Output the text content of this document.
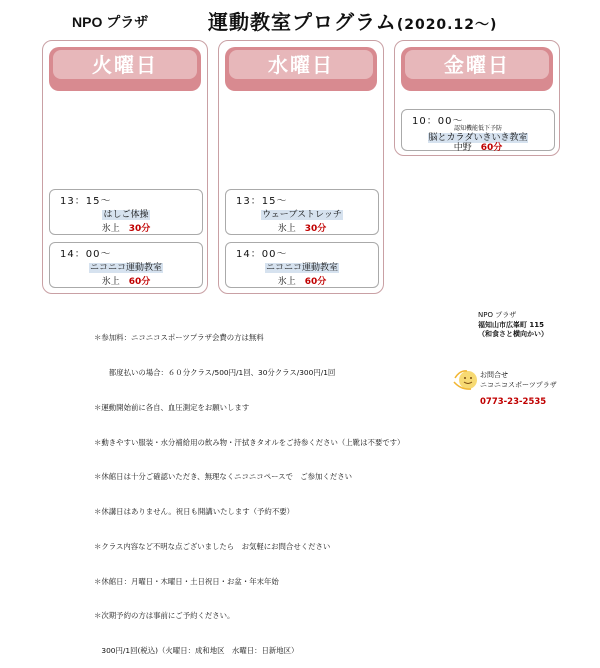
NPO プラザ	運動教室プログラム(2020.12～)
火曜日
13：15～
はしご体操
氷上　 30分
14：00～
ニコニコ運動教室
氷上　 60分
水曜日
13：15～
ウェーブストレッチ
氷上　 30分
14：00～
ニコニコ運動教室
氷上　 60分
金曜日
10：00～
認知機能低下予防
脳とカラダいきいき教室
中野　 60分

＊参加料：ニコニコスポーツプラザ会費の方は無料

　　都度払いの場合：６０分クラス/500円/1回、30分クラス/300円/1回

＊運動開始前に各自、血圧測定をお願いします

＊動きやすい服装・水分補給用の飲み物・汗拭きタオルをご持参ください（上靴は不要です）

＊休館日は十分ご確認いただき、無理なくニコニコペースで　ご参加ください

＊休講日はありません。祝日も開講いたします（予約不要）

＊クラス内容など不明な点ございましたら　お気軽にお問合せください

＊休館日：月曜日・木曜日・土日祝日・お盆・年末年始

＊次期予約の方は事前にご予約ください。

　300円/1回(税込)（火曜日：成和地区　水曜日：日新地区）

NPO プラザ
福知山市広峯町 115
（和食さと横向かい）
お問合せ
ニコニコスポーツプラザ
0773-23-2535
